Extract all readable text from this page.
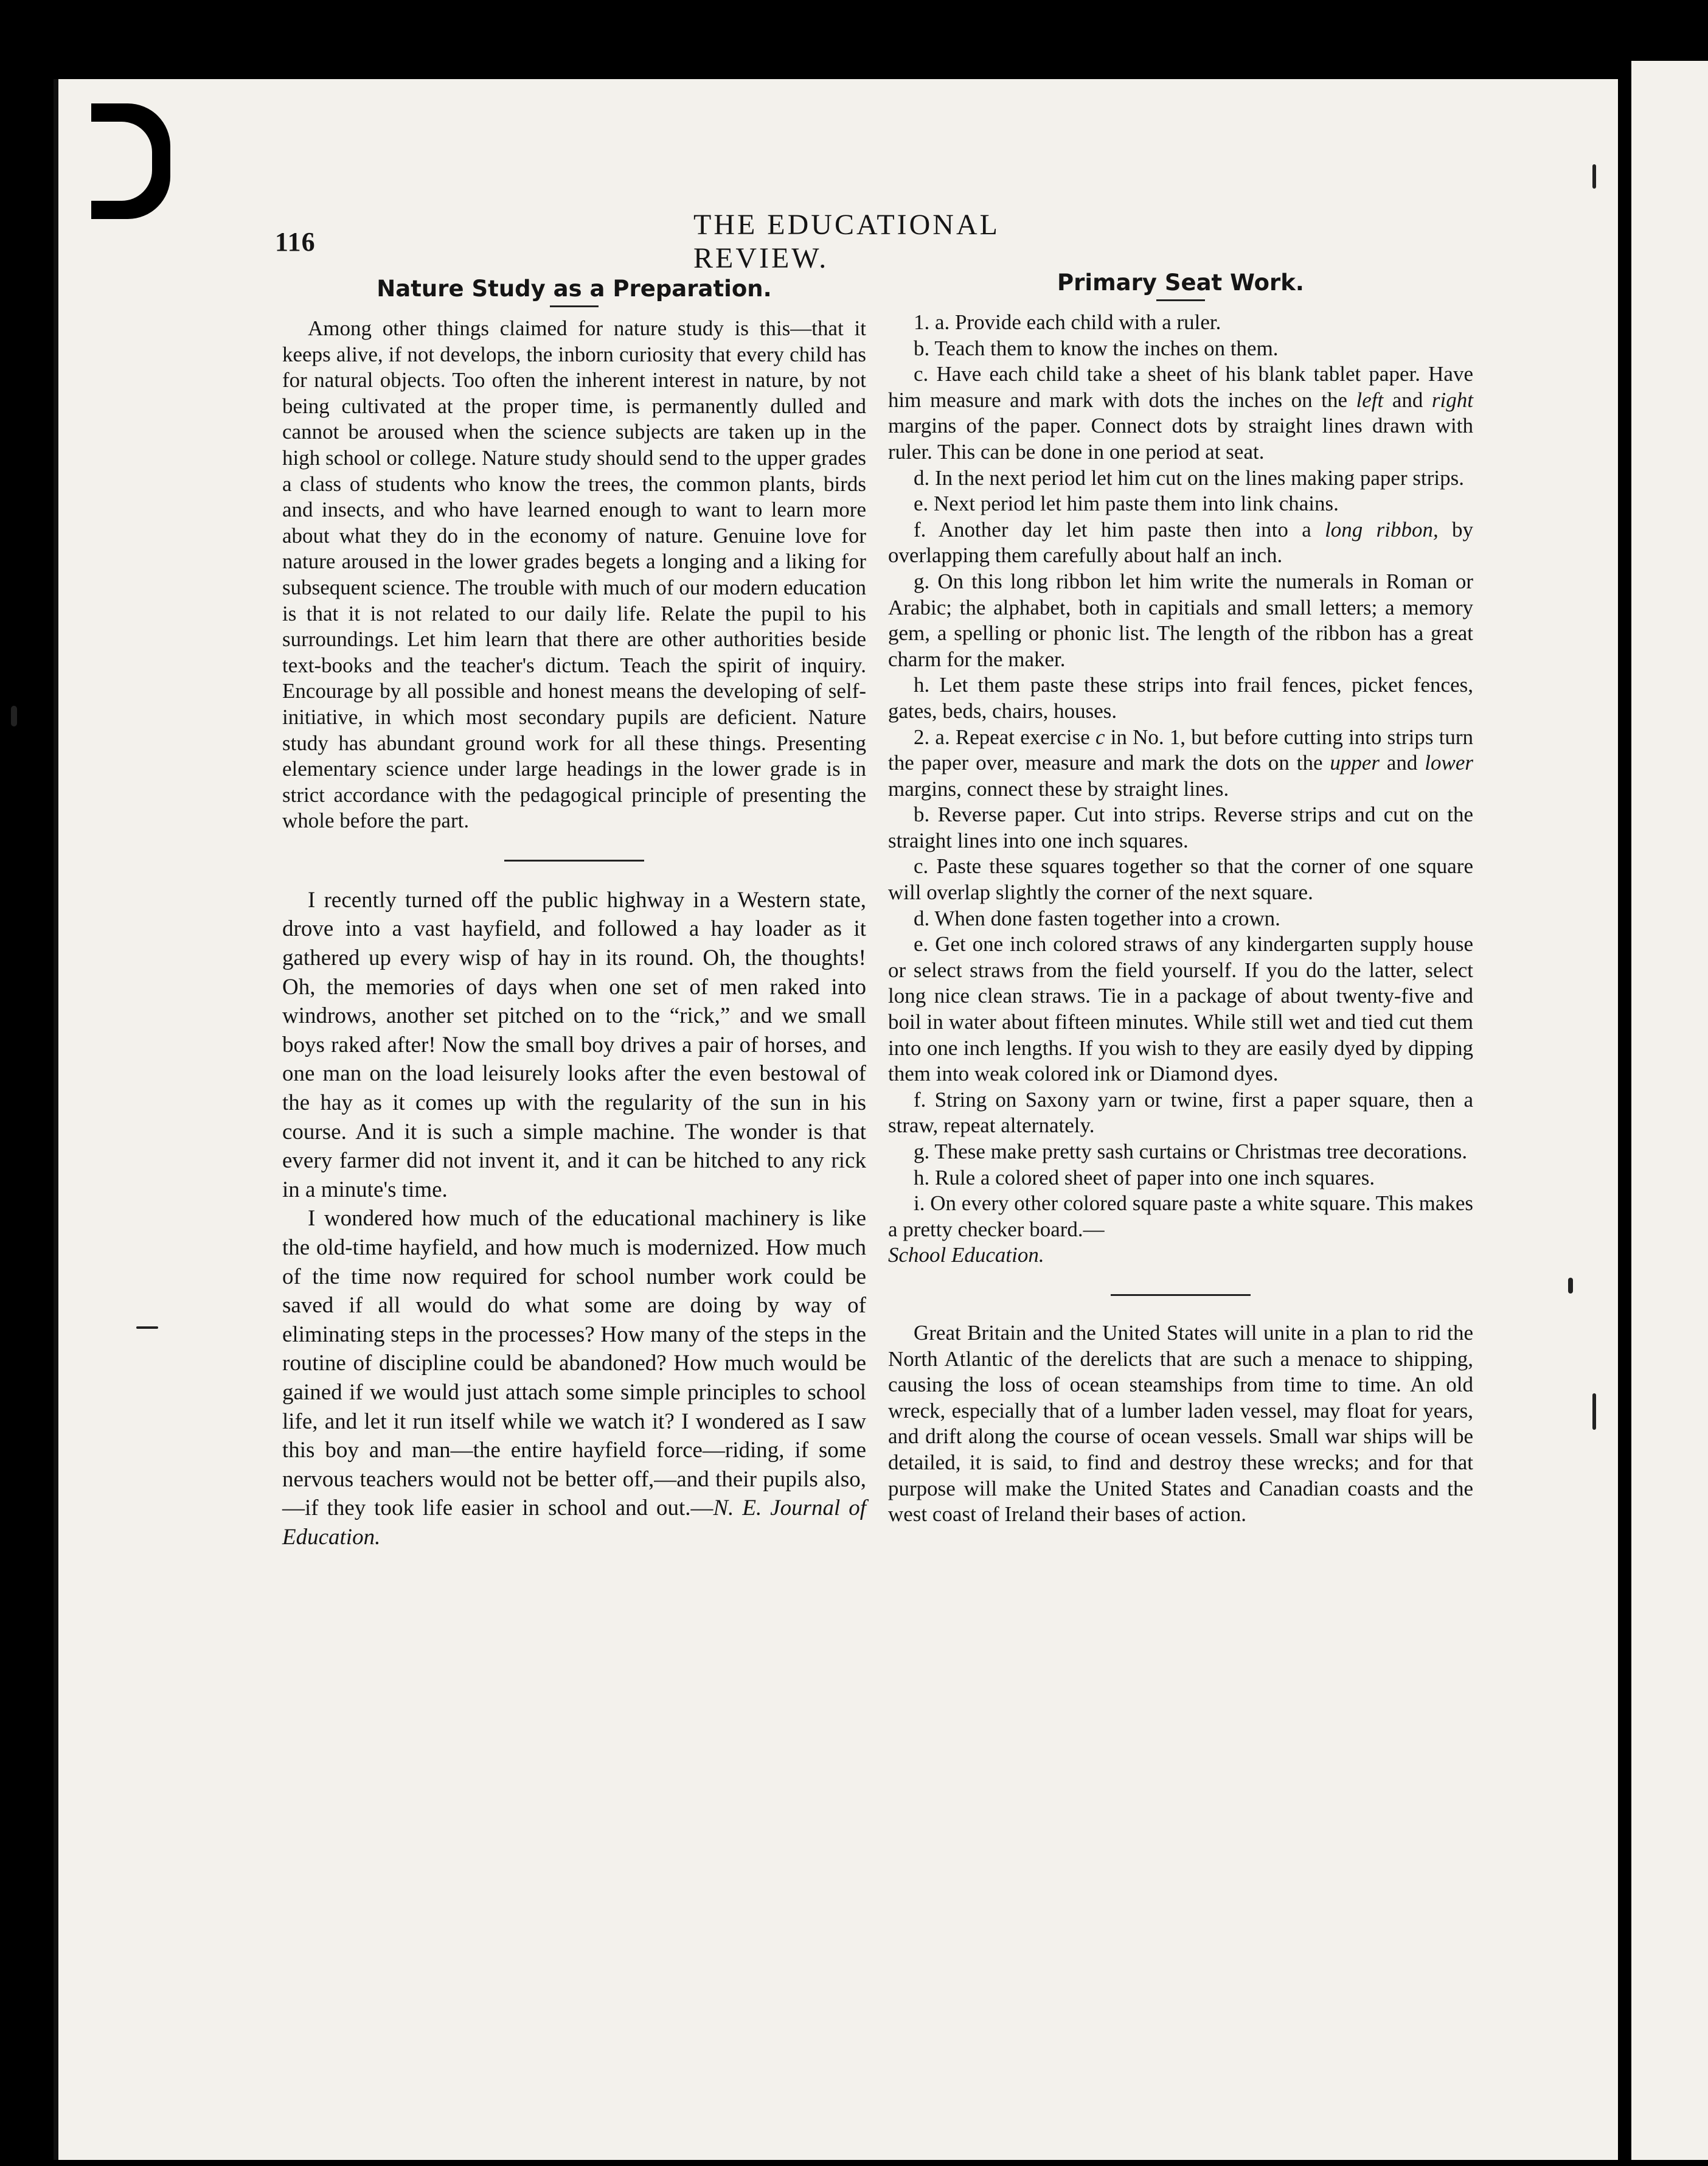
116
THE EDUCATIONAL REVIEW.
Nature Study as a Preparation.

Among other things claimed for nature study is this—that it keeps alive, if not develops, the inborn curiosity that every child has for natural objects. Too often the inherent interest in nature, by not being cultivated at the proper time, is permanently dulled and cannot be aroused when the science subjects are taken up in the high school or college. Nature study should send to the upper grades a class of students who know the trees, the common plants, birds and insects, and who have learned enough to want to learn more about what they do in the economy of nature. Genuine love for nature aroused in the lower grades begets a longing and a liking for subsequent science. The trouble with much of our modern education is that it is not related to our daily life. Relate the pupil to his surroundings. Let him learn that there are other authorities beside text-books and the teacher's dictum. Teach the spirit of inquiry. Encourage by all possible and honest means the developing of self-initiative, in which most secondary pupils are deficient. Nature study has abundant ground work for all these things. Presenting elementary science under large headings in the lower grade is in strict accordance with the pedagogical principle of presenting the whole before the part.

I recently turned off the public highway in a Western state, drove into a vast hayfield, and followed a hay loader as it gathered up every wisp of hay in its round. Oh, the thoughts! Oh, the memories of days when one set of men raked into windrows, another set pitched on to the “rick,” and we small boys raked after! Now the small boy drives a pair of horses, and one man on the load leisurely looks after the even bestowal of the hay as it comes up with the regularity of the sun in his course. And it is such a simple machine. The wonder is that every farmer did not invent it, and it can be hitched to any rick in a minute's time.

I wondered how much of the educational machinery is like the old-time hayfield, and how much is modernized. How much of the time now required for school number work could be saved if all would do what some are doing by way of eliminating steps in the processes? How many of the steps in the routine of discipline could be abandoned? How much would be gained if we would just attach some simple principles to school life, and let it run itself while we watch it? I wondered as I saw this boy and man—the entire hayfield force—riding, if some nervous teachers would not be better off,—and their pupils also,—if they took life easier in school and out.—N. E. Journal of Education.

Primary Seat Work.

1. a. Provide each child with a ruler.

b. Teach them to know the inches on them.

c. Have each child take a sheet of his blank tablet paper. Have him measure and mark with dots the inches on the left and right margins of the paper. Connect dots by straight lines drawn with ruler. This can be done in one period at seat.

d. In the next period let him cut on the lines making paper strips.

e. Next period let him paste them into link chains.

f. Another day let him paste then into a long ribbon, by overlapping them carefully about half an inch.

g. On this long ribbon let him write the numerals in Roman or Arabic; the alphabet, both in capitials and small letters; a memory gem, a spelling or phonic list. The length of the ribbon has a great charm for the maker.

h. Let them paste these strips into frail fences, picket fences, gates, beds, chairs, houses.

2. a. Repeat exercise c in No. 1, but before cutting into strips turn the paper over, measure and mark the dots on the upper and lower margins, connect these by straight lines.

b. Reverse paper. Cut into strips. Reverse strips and cut on the straight lines into one inch squares.

c. Paste these squares together so that the corner of one square will overlap slightly the corner of the next square.

d. When done fasten together into a crown.

e. Get one inch colored straws of any kindergarten supply house or select straws from the field yourself. If you do the latter, select long nice clean straws. Tie in a package of about twenty-five and boil in water about fifteen minutes. While still wet and tied cut them into one inch lengths. If you wish to they are easily dyed by dipping them into weak colored ink or Diamond dyes.

f. String on Saxony yarn or twine, first a paper square, then a straw, repeat alternately.

g. These make pretty sash curtains or Christmas tree decorations.

h. Rule a colored sheet of paper into one inch squares.

i. On every other colored square paste a white square. This makes a pretty checker board.—

School Education.

Great Britain and the United States will unite in a plan to rid the North Atlantic of the derelicts that are such a menace to shipping, causing the loss of ocean steamships from time to time. An old wreck, especially that of a lumber laden vessel, may float for years, and drift along the course of ocean vessels. Small war ships will be detailed, it is said, to find and destroy these wrecks; and for that purpose will make the United States and Canadian coasts and the west coast of Ireland their bases of action.
